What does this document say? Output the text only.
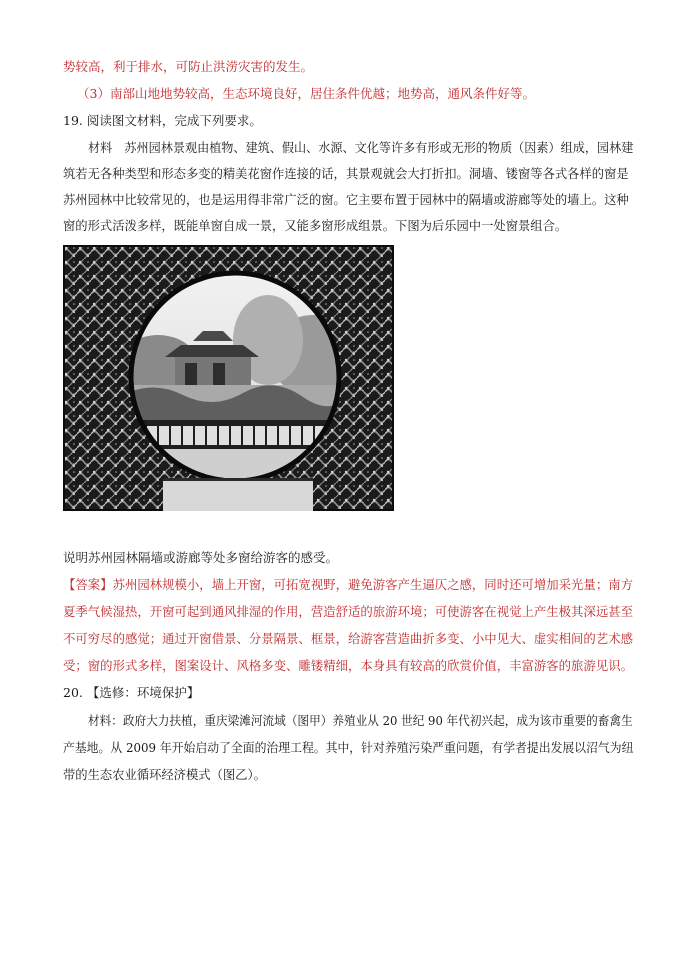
势较高，利于排水，可防止洪涝灾害的发生。
（3）南部山地地势较高，生态环境良好，居住条件优越；地势高，通风条件好等。
19. 阅读图文材料，完成下列要求。
材料　苏州园林景观由植物、建筑、假山、水源、文化等许多有形或无形的物质（因素）组成，园林建
筑若无各种类型和形态多变的精美花窗作连接的话，其景观就会大打折扣。洞墙、镂窗等各式各样的窗是
苏州园林中比较常见的，也是运用得非常广泛的窗。它主要布置于园林中的隔墙或游廊等处的墙上。这种
窗的形式活泼多样，既能单窗自成一景，又能多窗形成组景。下图为后乐园中一处窗景组合。
说明苏州园林隔墙或游廊等处多窗给游客的感受。
【答案】苏州园林规模小，墙上开窗，可拓宽视野，避免游客产生逼仄之感，同时还可增加采光量；南方
夏季气候湿热，开窗可起到通风排湿的作用，营造舒适的旅游环境；可使游客在视觉上产生极其深远甚至
不可穷尽的感觉；通过开窗借景、分景隔景、框景，给游客营造曲折多变、小中见大、虚实相间的艺术感
受；窗的形式多样，图案设计、风格多变、雕镂精细，本身具有较高的欣赏价值，丰富游客的旅游见识。
20. 【选修：环境保护】
材料：政府大力扶植，重庆梁滩河流域（图甲）养殖业从 20 世纪 90 年代初兴起，成为该市重要的畜禽生
产基地。从 2009 年开始启动了全面的治理工程。其中，针对养殖污染严重问题，有学者提出发展以沼气为纽
带的生态农业循环经济模式（图乙）。
